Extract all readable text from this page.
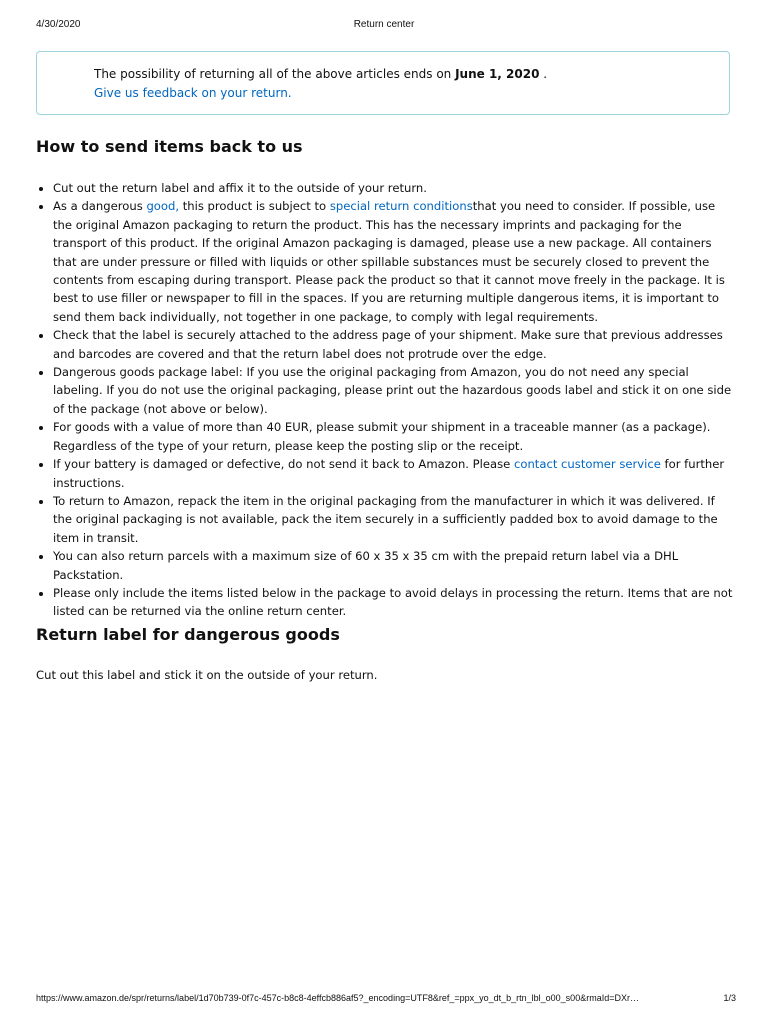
4/30/2020	Return center
The possibility of returning all of the above articles ends on June 1, 2020 .
Give us feedback on your return.
How to send items back to us
• Cut out the return label and affix it to the outside of your return.
• As a dangerous good, this product is subject to special return conditionsthat you need to consider. If possible, use the original Amazon packaging to return the product. This has the necessary imprints and packaging for the transport of this product. If the original Amazon packaging is damaged, please use a new package. All containers that are under pressure or filled with liquids or other spillable substances must be securely closed to prevent the contents from escaping during transport. Please pack the product so that it cannot move freely in the package. It is best to use filler or newspaper to fill in the spaces. If you are returning multiple dangerous items, it is important to send them back individually, not together in one package, to comply with legal requirements.
• Check that the label is securely attached to the address page of your shipment. Make sure that previous addresses and barcodes are covered and that the return label does not protrude over the edge.
• Dangerous goods package label: If you use the original packaging from Amazon, you do not need any special labeling. If you do not use the original packaging, please print out the hazardous goods label and stick it on one side of the package (not above or below).
• For goods with a value of more than 40 EUR, please submit your shipment in a traceable manner (as a package). Regardless of the type of your return, please keep the posting slip or the receipt.
• If your battery is damaged or defective, do not send it back to Amazon. Please contact customer service for further instructions.
• To return to Amazon, repack the item in the original packaging from the manufacturer in which it was delivered. If the original packaging is not available, pack the item securely in a sufficiently padded box to avoid damage to the item in transit.
• You can also return parcels with a maximum size of 60 x 35 x 35 cm with the prepaid return label via a DHL Packstation.
• Please only include the items listed below in the package to avoid delays in processing the return. Items that are not listed can be returned via the online return center.
Return label for dangerous goods
Cut out this label and stick it on the outside of your return.
https://www.amazon.de/spr/returns/label/1d70b739-0f7c-457c-b8c8-4effcb886af5?_encoding=UTF8&ref_=ppx_yo_dt_b_rtn_lbl_o00_s00&rmaId=DXr…	1/3
